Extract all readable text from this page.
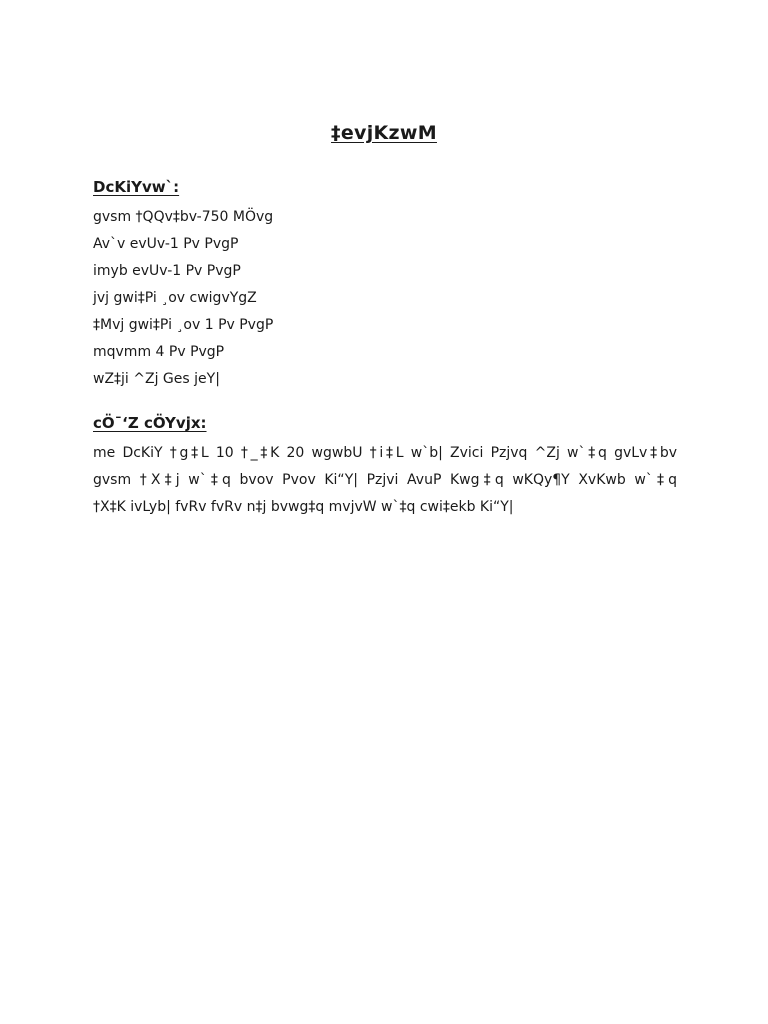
‡evjKzwM
DcKiYvw`:
gvsm †QQv‡bv-750 MÖvg
Av`v evUv-1 Pv PvgP
imyb evUv-1 Pv PvgP
jvj gwi‡Pi ¸ov cwigvYgZ
‡Mvj gwi‡Pi ¸ov 1 Pv PvgP
mqvmm 4 Pv PvgP
wZ‡ji ^Zj Ges jeY|
cÖ¯‘Z cÖYvjx:

me DcKiY †g‡L 10 †_‡K 20 wgwbU †i‡L w`b| Zvici Pzjvq ^Zj w`‡q gvLv‡bv
gvsm †X‡j w`‡q bvov Pvov Ki“Y| Pzjvi AvuP Kwg‡q wKQy¶Y XvKwb w`‡q
†X‡K ivLyb| fvRv fvRv n‡j bvwg‡q mvjvW w`‡q cwi‡ekb Ki“Y|
